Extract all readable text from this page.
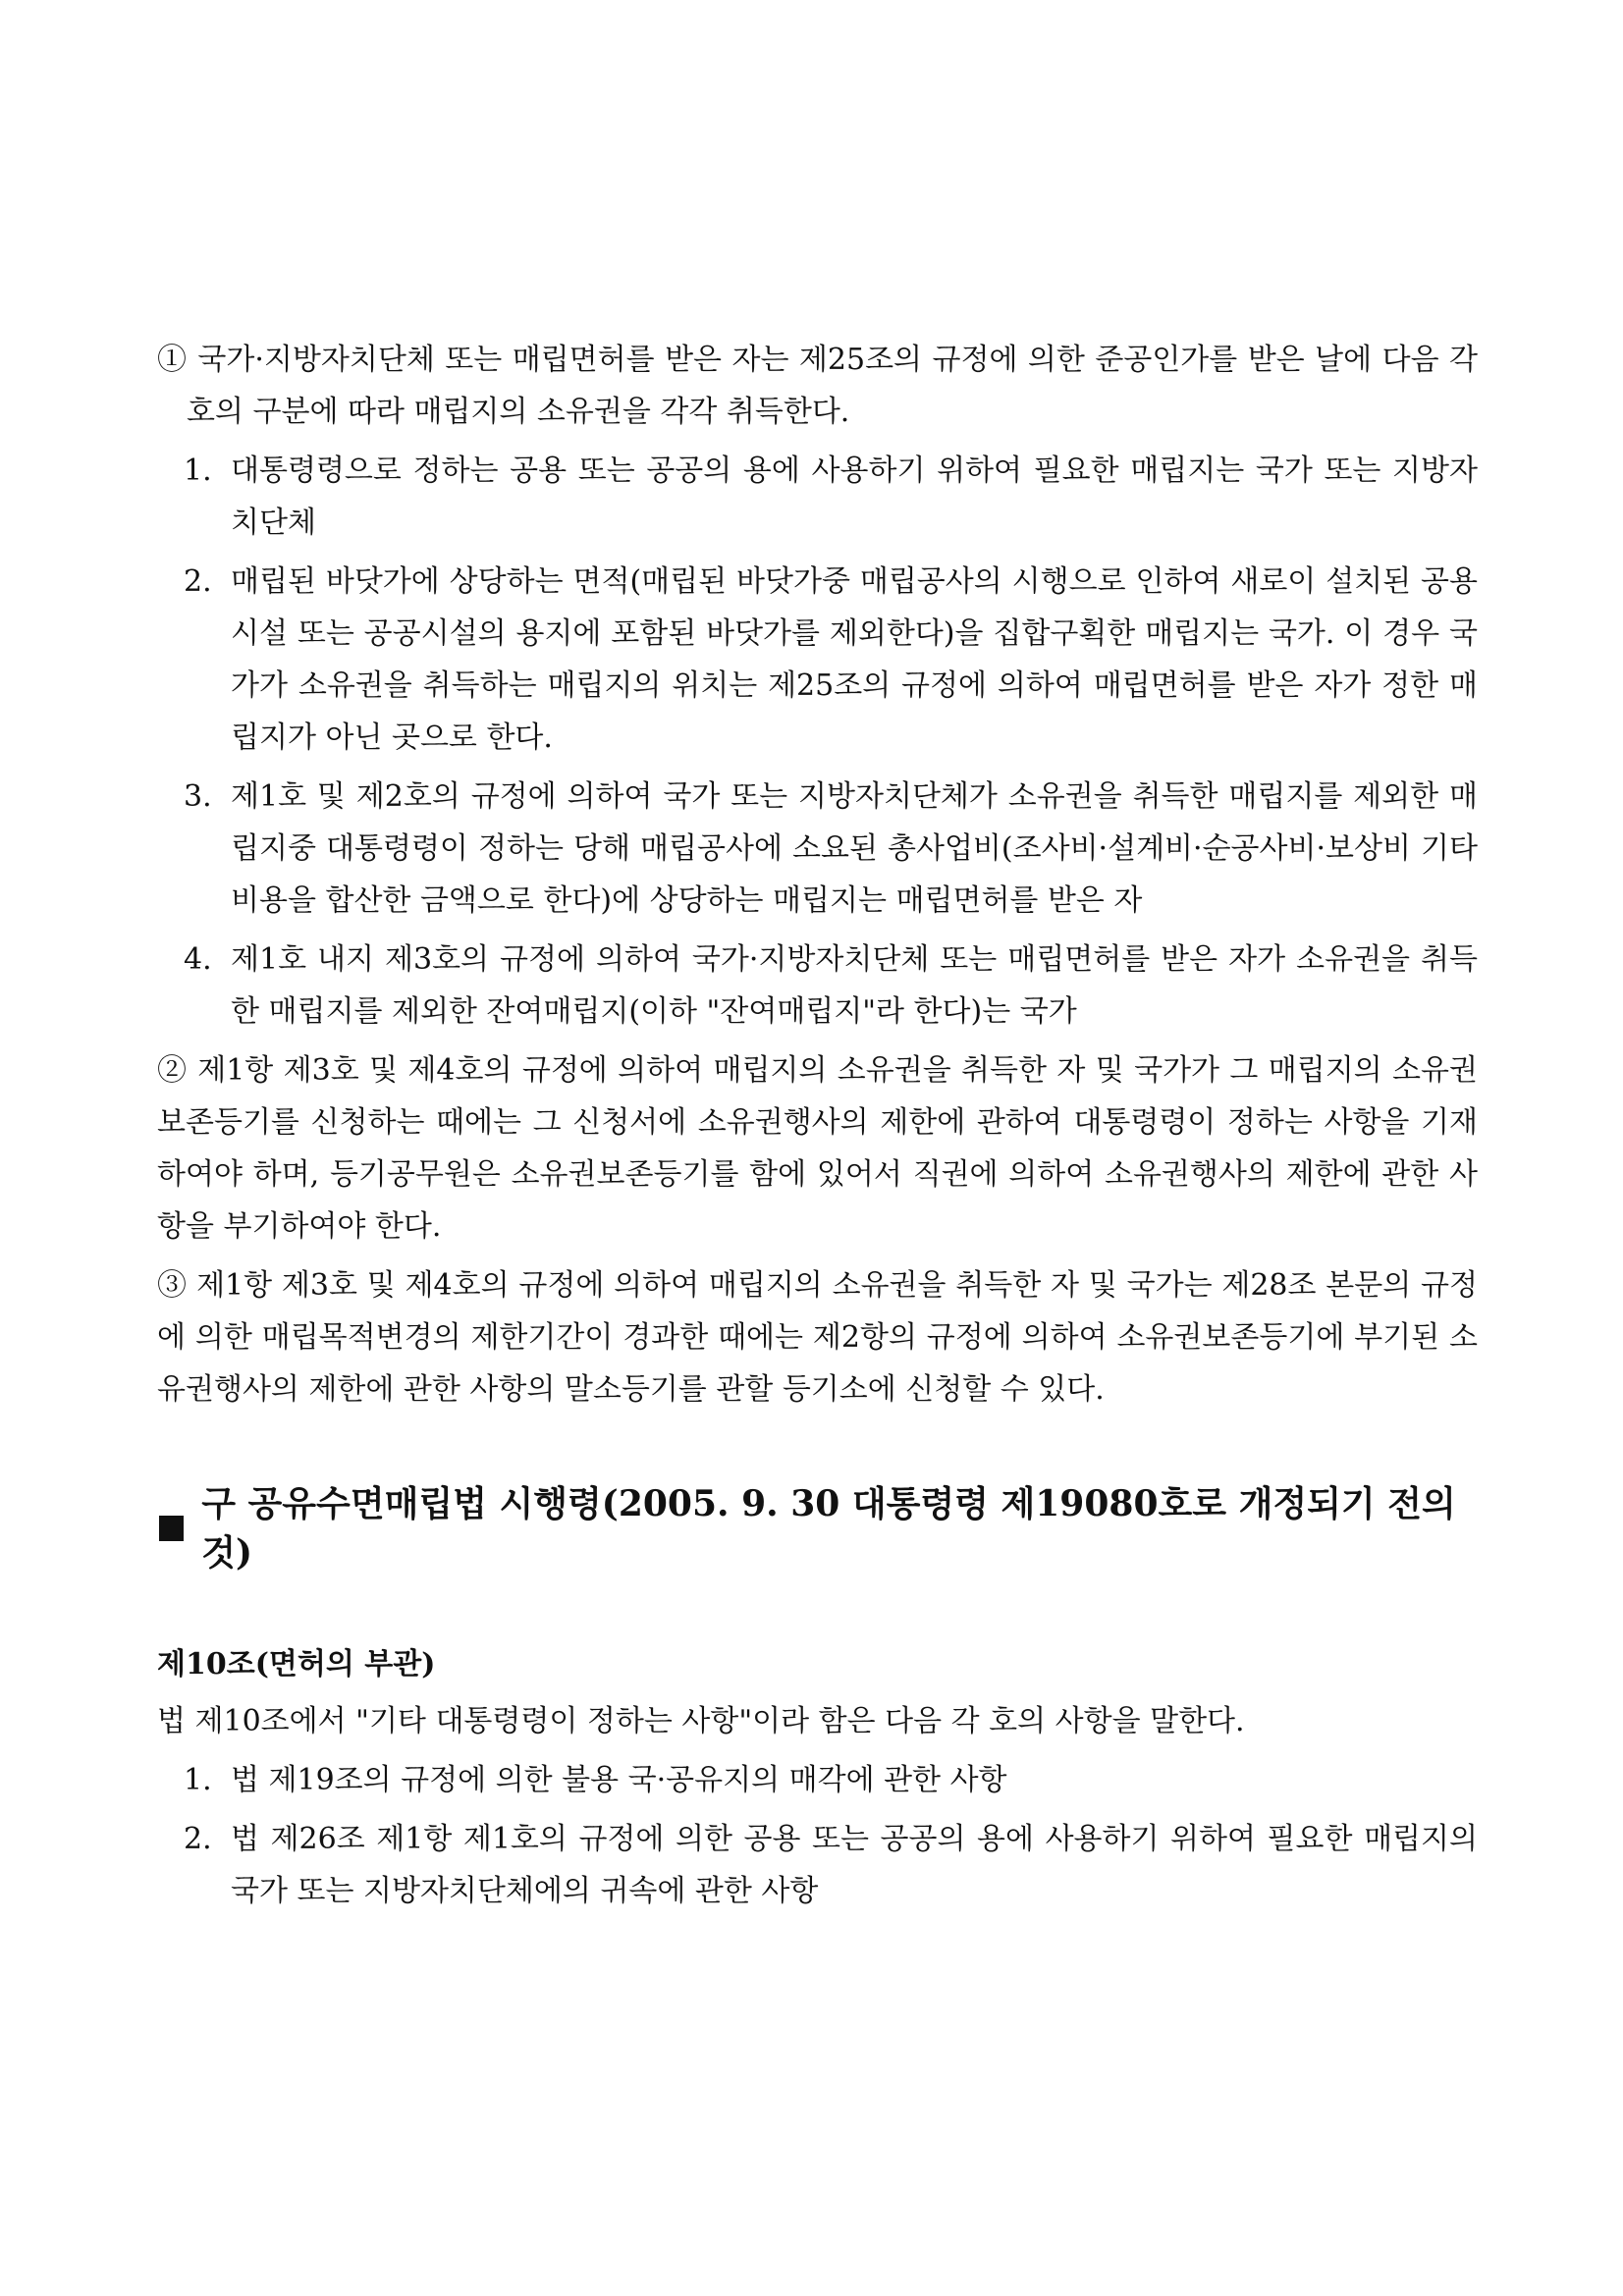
① 국가·지방자치단체 또는 매립면허를 받은 자는 제25조의 규정에 의한 준공인가를 받은 날에 다음 각호의 구분에 따라 매립지의 소유권을 각각 취득한다.

1. 대통령령으로 정하는 공용 또는 공공의 용에 사용하기 위하여 필요한 매립지는 국가 또는 지방자치단체
2. 매립된 바닷가에 상당하는 면적(매립된 바닷가중 매립공사의 시행으로 인하여 새로이 설치된 공용시설 또는 공공시설의 용지에 포함된 바닷가를 제외한다)을 집합구획한 매립지는 국가. 이 경우 국가가 소유권을 취득하는 매립지의 위치는 제25조의 규정에 의하여 매립면허를 받은 자가 정한 매립지가 아닌 곳으로 한다.
3. 제1호 및 제2호의 규정에 의하여 국가 또는 지방자치단체가 소유권을 취득한 매립지를 제외한 매립지중 대통령령이 정하는 당해 매립공사에 소요된 총사업비(조사비·설계비·순공사비·보상비 기타 비용을 합산한 금액으로 한다)에 상당하는 매립지는 매립면허를 받은 자
4. 제1호 내지 제3호의 규정에 의하여 국가·지방자치단체 또는 매립면허를 받은 자가 소유권을 취득한 매립지를 제외한 잔여매립지(이하 "잔여매립지"라 한다)는 국가

② 제1항 제3호 및 제4호의 규정에 의하여 매립지의 소유권을 취득한 자 및 국가가 그 매립지의 소유권보존등기를 신청하는 때에는 그 신청서에 소유권행사의 제한에 관하여 대통령령이 정하는 사항을 기재하여야 하며, 등기공무원은 소유권보존등기를 함에 있어서 직권에 의하여 소유권행사의 제한에 관한 사항을 부기하여야 한다.

③ 제1항 제3호 및 제4호의 규정에 의하여 매립지의 소유권을 취득한 자 및 국가는 제28조 본문의 규정에 의한 매립목적변경의 제한기간이 경과한 때에는 제2항의 규정에 의하여 소유권보존등기에 부기된 소유권행사의 제한에 관한 사항의 말소등기를 관할 등기소에 신청할 수 있다.

구 공유수면매립법 시행령(2005. 9. 30 대통령령 제19080호로 개정되기 전의 것)
제10조(면허의 부관)

법 제10조에서 "기타 대통령령이 정하는 사항"이라 함은 다음 각 호의 사항을 말한다.

1. 법 제19조의 규정에 의한 불용 국·공유지의 매각에 관한 사항
2. 법 제26조 제1항 제1호의 규정에 의한 공용 또는 공공의 용에 사용하기 위하여 필요한 매립지의 국가 또는 지방자치단체에의 귀속에 관한 사항
